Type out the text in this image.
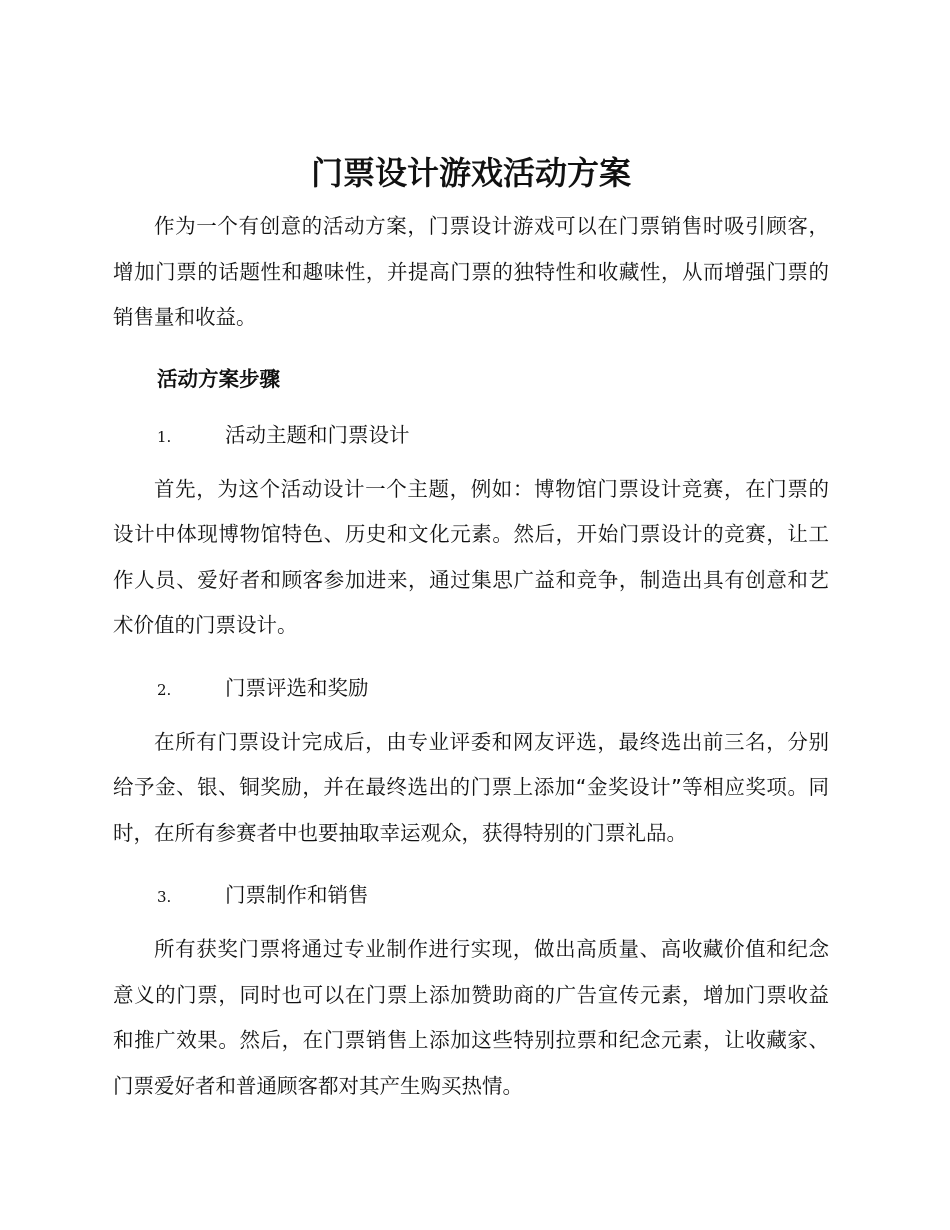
门票设计游戏活动方案

作为一个有创意的活动方案，门票设计游戏可以在门票销售时吸引顾客，增加门票的话题性和趣味性，并提高门票的独特性和收藏性，从而增强门票的销售量和收益。

活动方案步骤
1.	活动主题和门票设计

首先，为这个活动设计一个主题，例如：博物馆门票设计竞赛，在门票的设计中体现博物馆特色、历史和文化元素。然后，开始门票设计的竞赛，让工作人员、爱好者和顾客参加进来，通过集思广益和竞争，制造出具有创意和艺术价值的门票设计。

2.	门票评选和奖励

在所有门票设计完成后，由专业评委和网友评选，最终选出前三名，分别给予金、银、铜奖励，并在最终选出的门票上添加“金奖设计”等相应奖项。同时，在所有参赛者中也要抽取幸运观众，获得特别的门票礼品。

3.	门票制作和销售

所有获奖门票将通过专业制作进行实现，做出高质量、高收藏价值和纪念意义的门票，同时也可以在门票上添加赞助商的广告宣传元素，增加门票收益和推广效果。然后，在门票销售上添加这些特别拉票和纪念元素，让收藏家、门票爱好者和普通顾客都对其产生购买热情。
